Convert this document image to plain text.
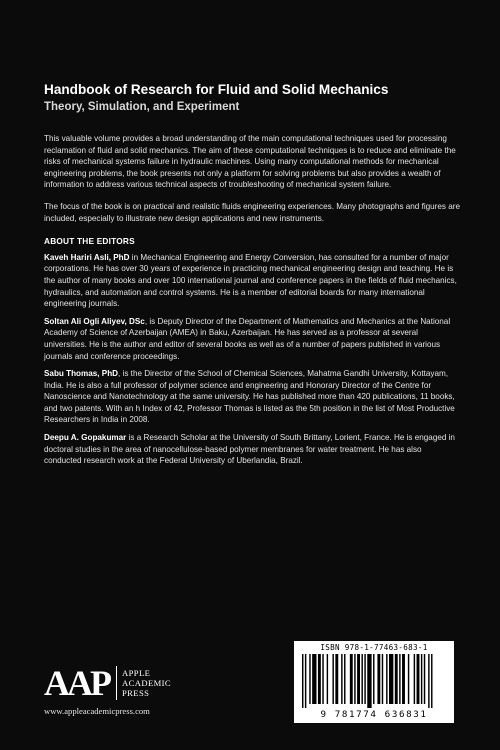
Handbook of Research for Fluid and Solid Mechanics
Theory, Simulation, and Experiment

This valuable volume provides a broad understanding of the main computational techniques used for processing reclamation of fluid and solid mechanics. The aim of these computational techniques is to reduce and eliminate the risks of mechanical systems failure in hydraulic machines. Using many computational methods for mechanical engineering problems, the book presents not only a platform for solving problems but also provides a wealth of information to address various technical aspects of troubleshooting of mechanical system failure.

The focus of the book is on practical and realistic fluids engineering experiences. Many photographs and figures are included, especially to illustrate new design applications and new instruments.

ABOUT THE EDITORS

Kaveh Hariri Asli, PhD in Mechanical Engineering and Energy Conversion, has consulted for a number of major corporations. He has over 30 years of experience in practicing mechanical engineering design and teaching. He is the author of many books and over 100 international journal and conference papers in the fields of fluid mechanics, hydraulics, and automation and control systems. He is a member of editorial boards for many international engineering journals.

Soltan Ali Ogli Aliyev, DSc, is Deputy Director of the Department of Mathematics and Mechanics at the National Academy of Science of Azerbaijan (AMEA) in Baku, Azerbaijan. He has served as a professor at several universities. He is the author and editor of several books as well as of a number of papers published in various journals and conference proceedings.

Sabu Thomas, PhD, is the Director of the School of Chemical Sciences, Mahatma Gandhi University, Kottayam, India. He is also a full professor of polymer science and engineering and Honorary Director of the Centre for Nanoscience and Nanotechnology at the same university. He has published more than 420 publications, 11 books, and two patents. With an h Index of 42, Professor Thomas is listed as the 5th position in the list of Most Productive Researchers in India in 2008.

Deepu A. Gopakumar is a Research Scholar at the University of South Brittany, Lorient, France. He is engaged in doctoral studies in the area of nanocellulose-based polymer membranes for water treatment. He has also conducted research work at the Federal University of Uberlandia, Brazil.

AAP APPLE
ACADEMIC
PRESS
www.appleacademicpress.com
ISBN 978-1-77463-683-1
9 781774 636831
